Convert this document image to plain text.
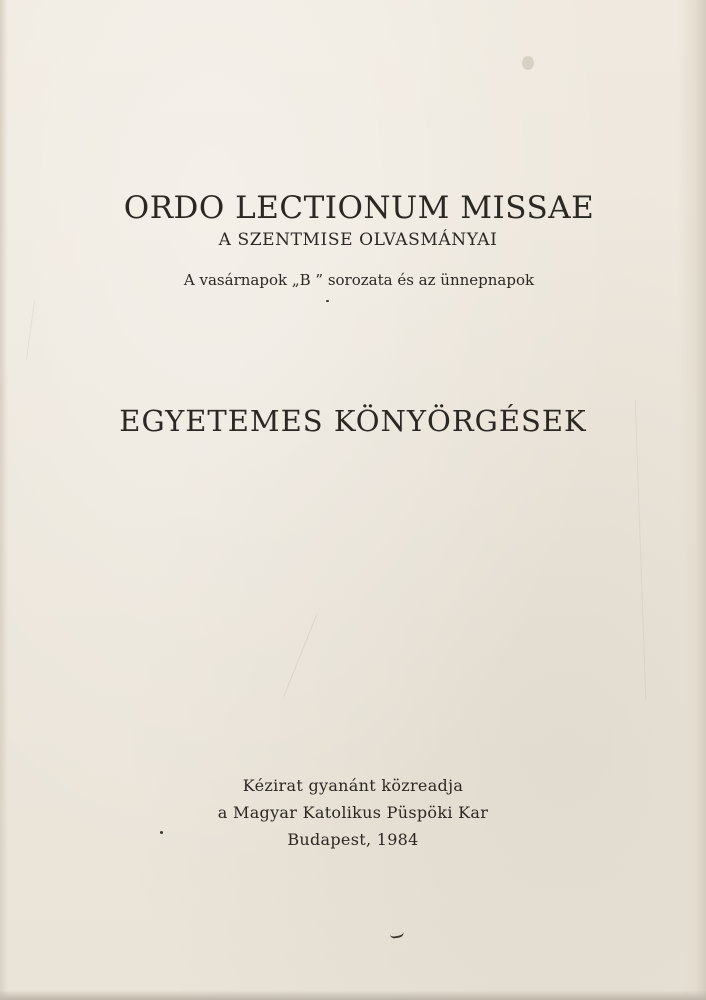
ORDO LECTIONUM MISSAE
A SZENTMISE OLVASMÁNYAI
A vasárnapok „B ” sorozata és az ünnepnapok
EGYETEMES KÖNYÖRGÉSEK
Kézirat gyanánt közreadja
a Magyar Katolikus Püspöki Kar
Budapest, 1984
